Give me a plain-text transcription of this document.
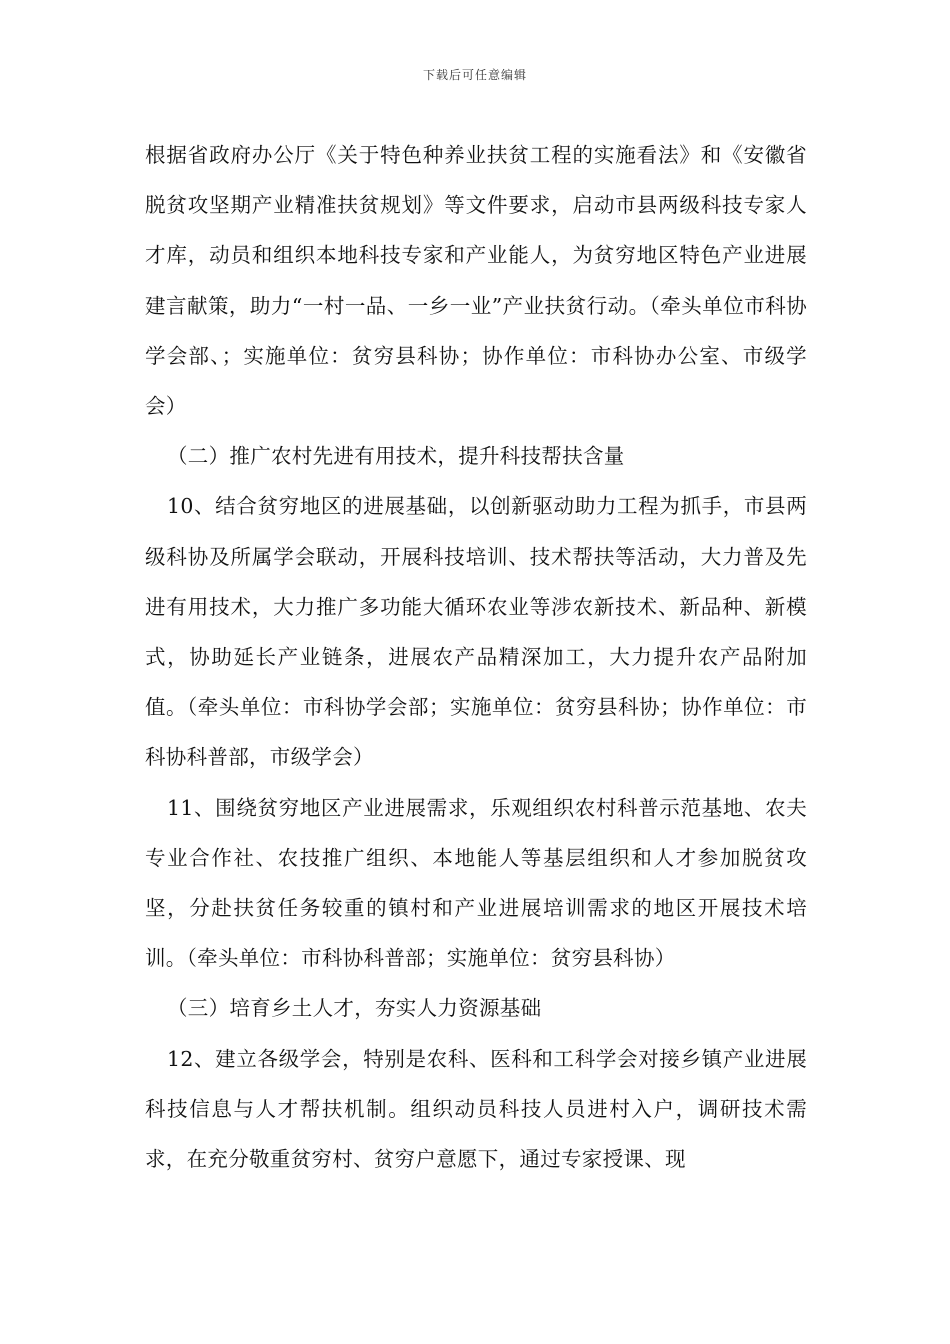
下载后可任意编辑

根据省政府办公厅《关于特色种养业扶贫工程的实施看法》和《安徽省脱贫攻坚期产业精准扶贫规划》等文件要求，启动市县两级科技专家人才库，动员和组织本地科技专家和产业能人，为贫穷地区特色产业进展建言献策，助力“一村一品、一乡一业”产业扶贫行动。（牵头单位市科协学会部、；实施单位：贫穷县科协；协作单位：市科协办公室、市级学会）

（二）推广农村先进有用技术，提升科技帮扶含量

10、结合贫穷地区的进展基础，以创新驱动助力工程为抓手，市县两级科协及所属学会联动，开展科技培训、技术帮扶等活动，大力普及先进有用技术，大力推广多功能大循环农业等涉农新技术、新品种、新模式，协助延长产业链条，进展农产品精深加工，大力提升农产品附加值。（牵头单位：市科协学会部；实施单位：贫穷县科协；协作单位：市科协科普部，市级学会）

11、围绕贫穷地区产业进展需求，乐观组织农村科普示范基地、农夫专业合作社、农技推广组织、本地能人等基层组织和人才参加脱贫攻坚，分赴扶贫任务较重的镇村和产业进展培训需求的地区开展技术培训。（牵头单位：市科协科普部；实施单位：贫穷县科协）

（三）培育乡土人才，夯实人力资源基础

12、建立各级学会，特别是农科、医科和工科学会对接乡镇产业进展科技信息与人才帮扶机制。组织动员科技人员进村入户，调研技术需求，在充分敬重贫穷村、贫穷户意愿下，通过专家授课、现
